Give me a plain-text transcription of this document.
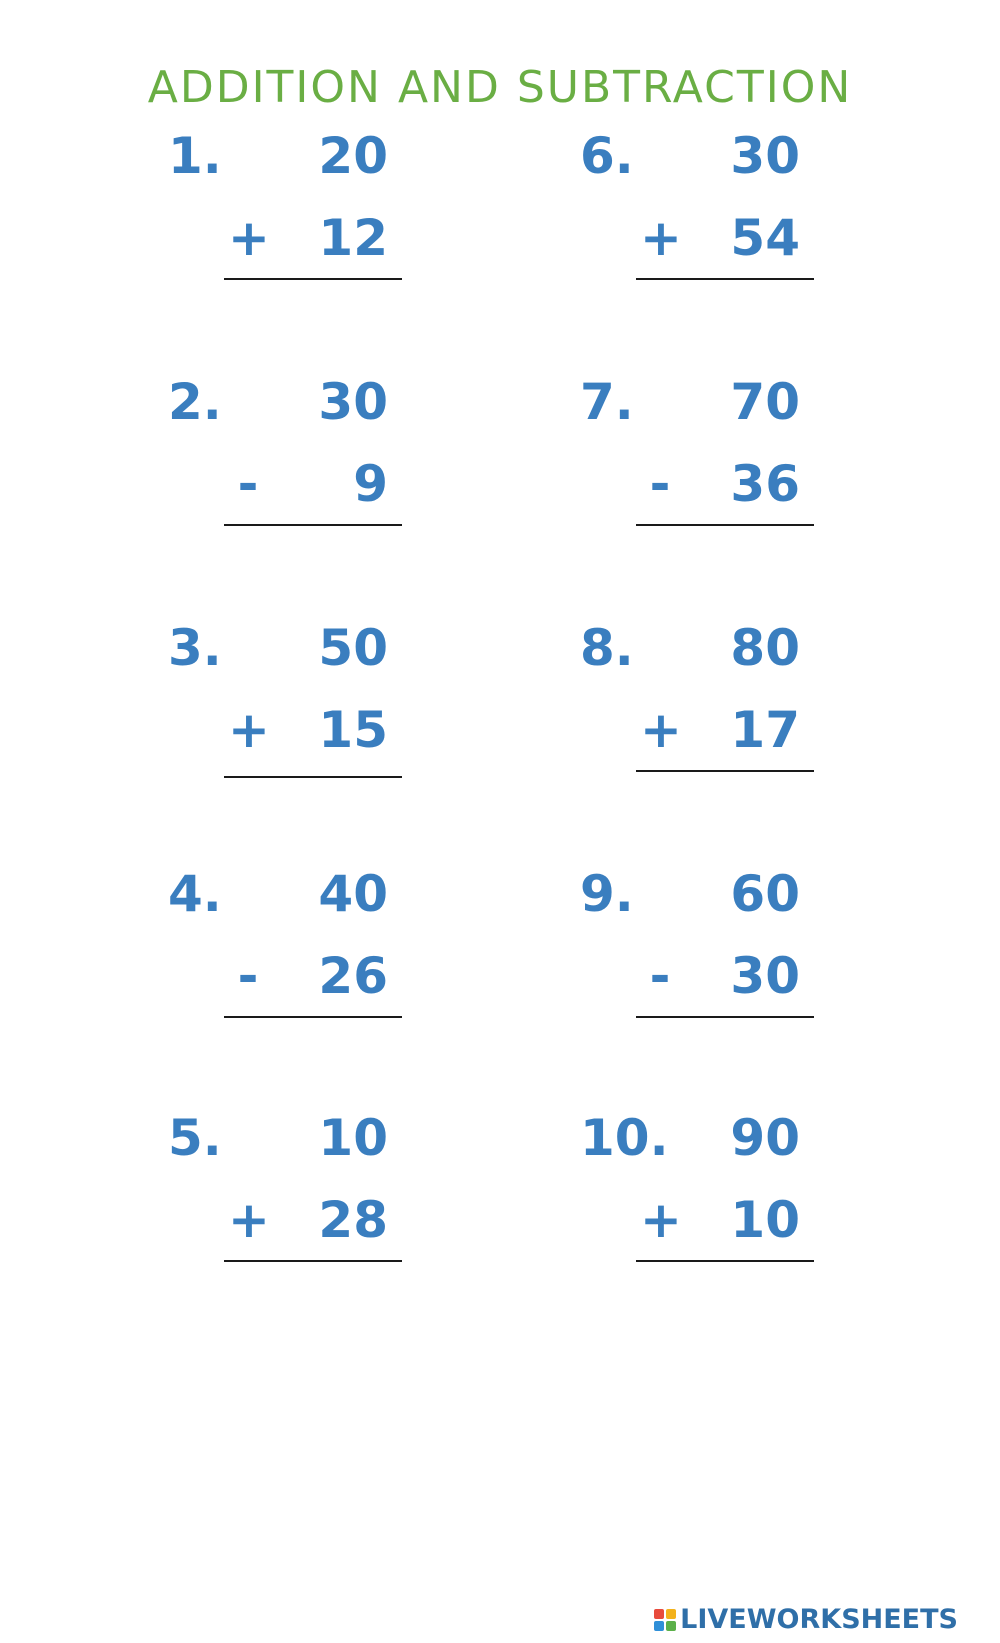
ADDITION AND SUBTRACTION
1. 20
+ 12
2. 30
- 9
3. 50
+ 15
4. 40
- 26
5. 10
+ 28
6. 30
+ 54
7. 70
- 36
8. 80
+ 17
9. 60
- 30
10. 90
+ 10
LIVEWORKSHEETS
